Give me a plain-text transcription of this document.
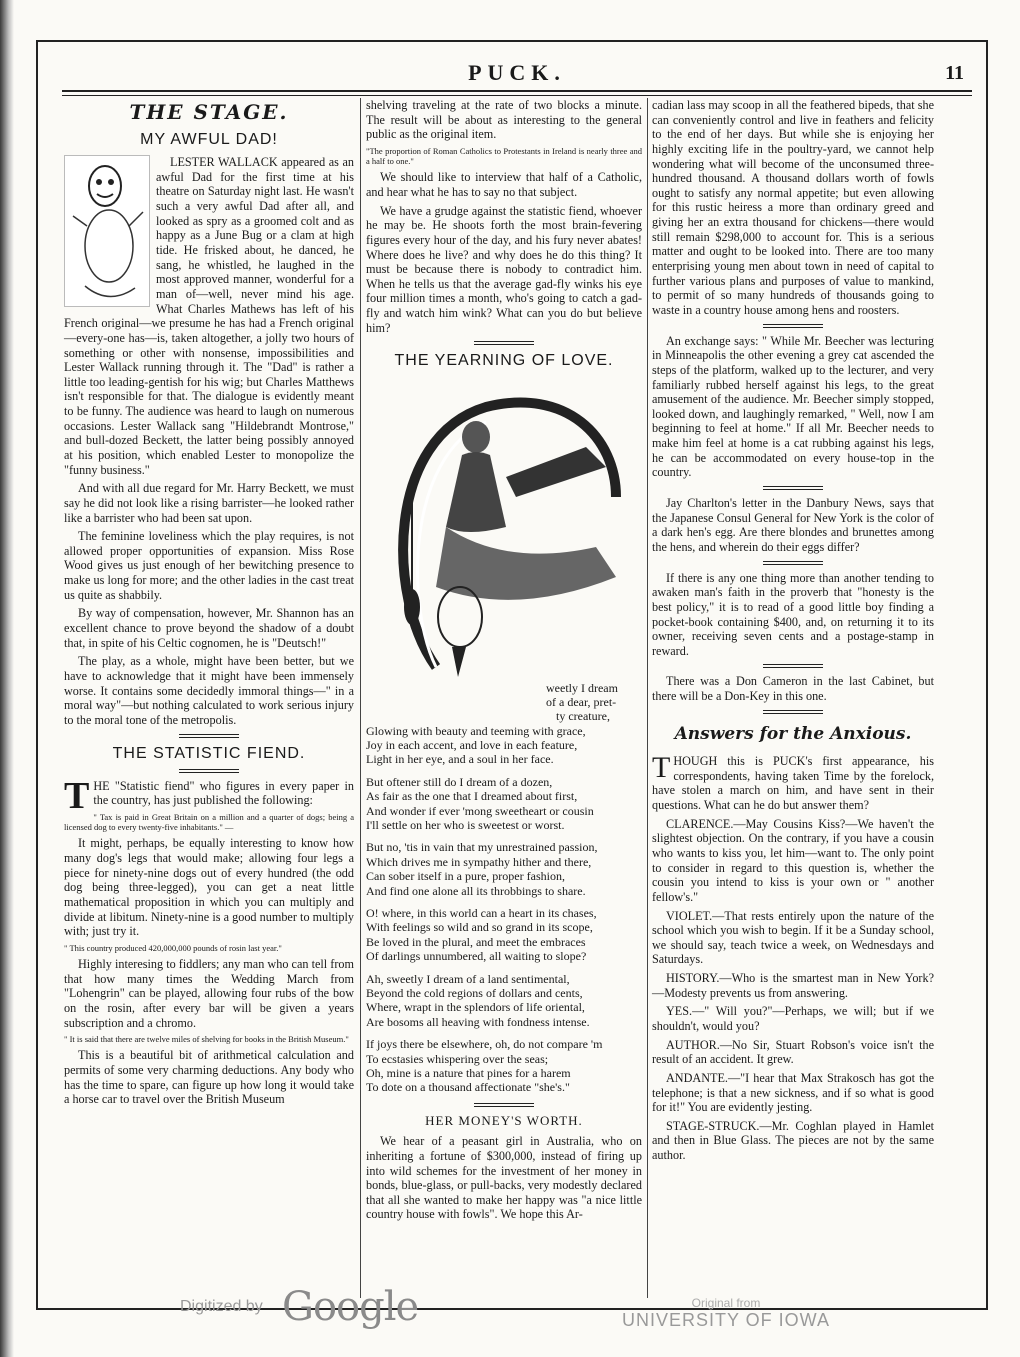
PUCK.	11
THE STAGE.
MY AWFUL DAD!

LESTER WALLACK appeared as an awful Dad for the first time at his theatre on Saturday night last. He wasn't such a very awful Dad after all, and looked as spry as a groomed colt and as happy as a June Bug or a clam at high tide. He frisked about, he danced, he sang, he whistled, he laughed in the most approved manner, wonderful for a man of—well, never mind his age. What Charles Mathews has left of his French original—we presume he has had a French original—every-one has—is, taken altogether, a jolly two hours of something or other with nonsense, impossibilities and Lester Wallack running through it. The "Dad" is rather a little too leading-gentish for his wig; but Charles Matthews isn't responsible for that. The dialogue is evidently meant to be funny. The audience was heard to laugh on numerous occasions. Lester Wallack sang "Hildebrandt Montrose," and bull-dozed Beckett, the latter being possibly annoyed at his position, which enabled Lester to monopolize the "funny business."

And with all due regard for Mr. Harry Beckett, we must say he did not look like a rising barrister—he looked rather like a barrister who had been sat upon.

The feminine loveliness which the play requires, is not allowed proper opportunities of expansion. Miss Rose Wood gives us just enough of her bewitching presence to make us long for more; and the other ladies in the cast treat us quite as shabbily.

By way of compensation, however, Mr. Shannon has an excellent chance to prove beyond the shadow of a doubt that, in spite of his Celtic cognomen, he is "Deutsch!"

The play, as a whole, might have been better, but we have to acknowledge that it might have been immensely worse. It contains some decidedly immoral things—" in a moral way"—but nothing calculated to work serious injury to the moral tone of the metropolis.

THE STATISTIC FIEND.

THE "Statistic fiend" who figures in every paper in the country, has just published the following:

" Tax is paid in Great Britain on a million and a quarter of dogs; being a licensed dog to every twenty-five inhabitants." —

It might, perhaps, be equally interesting to know how many dog's legs that would make; allowing four legs a piece for ninety-nine dogs out of every hundred (the odd dog being three-legged), you can get a neat little mathematical proposition in which you can multiply and divide at libitum. Ninety-nine is a good number to multiply with; just try it.

" This country produced 420,000,000 pounds of rosin last year."

Highly interesing to fiddlers; any man who can tell from that how many times the Wedding March from "Lohengrin" can be played, allowing four rubs of the bow on the rosin, after every bar will be given a years subscription and a chromo.

" It is said that there are twelve miles of shelving for books in the British Museum."

This is a beautiful bit of arithmetical calculation and permits of some very charming deductions. Any body who has the time to spare, can figure up how long it would take a horse car to travel over the British Museum

shelving traveling at the rate of two blocks a minute. The result will be about as interesting to the general public as the original item.

"The proportion of Roman Catholics to Protestants in Ireland is nearly three and a half to one."

We should like to interview that half of a Catholic, and hear what he has to say no that subject.

We have a grudge against the statistic fiend, whoever he may be. He shoots forth the most brain-fevering figures every hour of the day, and his fury never abates! Where does he live? and why does he do this thing? It must be because there is nobody to contradict him. When he tells us that the average gad-fly winks his eye four million times a month, who's going to catch a gad-fly and watch him wink? What can you do but believe him?

THE YEARNING OF LOVE.
weetly I dream
of a dear, pret-
ty creature,
Glowing with beauty and teeming with grace,
Joy in each accent, and love in each feature,
Light in her eye, and a soul in her face.
But oftener still do I dream of a dozen,
As fair as the one that I dreamed about first,
And wonder if ever 'mong sweetheart or cousin
I'll settle on her who is sweetest or worst.
But no, 'tis in vain that my unrestrained passion,
Which drives me in sympathy hither and there,
Can sober itself in a pure, proper fashion,
And find one alone all its throbbings to share.
O! where, in this world can a heart in its chases,
With feelings so wild and so grand in its scope,
Be loved in the plural, and meet the embraces
Of darlings unnumbered, all waiting to slope?
Ah, sweetly I dream of a land sentimental,
Beyond the cold regions of dollars and cents,
Where, wrapt in the splendors of life oriental,
Are bosoms all heaving with fondness intense.
If joys there be elsewhere, oh, do not compare 'm
To ecstasies whispering over the seas;
Oh, mine is a nature that pines for a harem
To dote on a thousand affectionate "she's."
HER MONEY'S WORTH.

We hear of a peasant girl in Australia, who on inheriting a fortune of $300,000, instead of firing up into wild schemes for the investment of her money in bonds, blue-glass, or pull-backs, very modestly declared that all she wanted to make her happy was "a nice little country house with fowls". We hope this Ar-

cadian lass may scoop in all the feathered bipeds, that she can conveniently control and live in feathers and felicity to the end of her days. But while she is enjoying her highly exciting life in the poultry-yard, we cannot help wondering what will become of the unconsumed three-hundred thousand. A thousand dollars worth of fowls ought to satisfy any normal appetite; but even allowing for this rustic heiress a more than ordinary greed and giving her an extra thousand for chickens—there would still remain $298,000 to account for. This is a serious matter and ought to be looked into. There are too many enterprising young men about town in need of capital to further various plans and purposes of value to mankind, to permit of so many hundreds of thousands going to waste in a country house among hens and roosters.

An exchange says: " While Mr. Beecher was lecturing in Minneapolis the other evening a grey cat ascended the steps of the platform, walked up to the lecturer, and very familiarly rubbed herself against his legs, to the great amusement of the audience. Mr. Beecher simply stopped, looked down, and laughingly remarked, " Well, now I am beginning to feel at home." If all Mr. Beecher needs to make him feel at home is a cat rubbing against his legs, he can be accommodated on every house-top in the country.

Jay Charlton's letter in the Danbury News, says that the Japanese Consul General for New York is the color of a dark hen's egg. Are there blondes and brunettes among the hens, and wherein do their eggs differ?

If there is any one thing more than another tending to awaken man's faith in the proverb that "honesty is the best policy," it is to read of a good little boy finding a pocket-book containing $400, and, on returning it to its owner, receiving seven cents and a postage-stamp in reward.

There was a Don Cameron in the last Cabinet, but there will be a Don-Key in this one.

Answers for the Anxious.

THOUGH this is PUCK's first appearance, his correspondents, having taken Time by the forelock, have stolen a march on him, and have sent in their questions. What can he do but answer them?

CLARENCE.—May Cousins Kiss?—We haven't the slightest objection. On the contrary, if you have a cousin who wants to kiss you, let him—want to. The only point to consider in regard to this question is, whether the cousin you intend to kiss is your own or " another fellow's."

VIOLET.—That rests entirely upon the nature of the school which you wish to begin. If it be a Sunday school, we should say, teach twice a week, on Wednesdays and Saturdays.

HISTORY.—Who is the smartest man in New York?—Modesty prevents us from answering.

YES.—" Will you?"—Perhaps, we will; but if we shouldn't, would you?

AUTHOR.—No Sir, Stuart Robson's voice isn't the result of an accident. It grew.

ANDANTE.—"I hear that Max Strakosch has got the telephone; is that a new sickness, and if so what is good for it!" You are evidently jesting.

STAGE-STRUCK.—Mr. Coghlan played in Hamlet and then in Blue Glass. The pieces are not by the same author.

Digitized by Google	Original from
UNIVERSITY OF IOWA
